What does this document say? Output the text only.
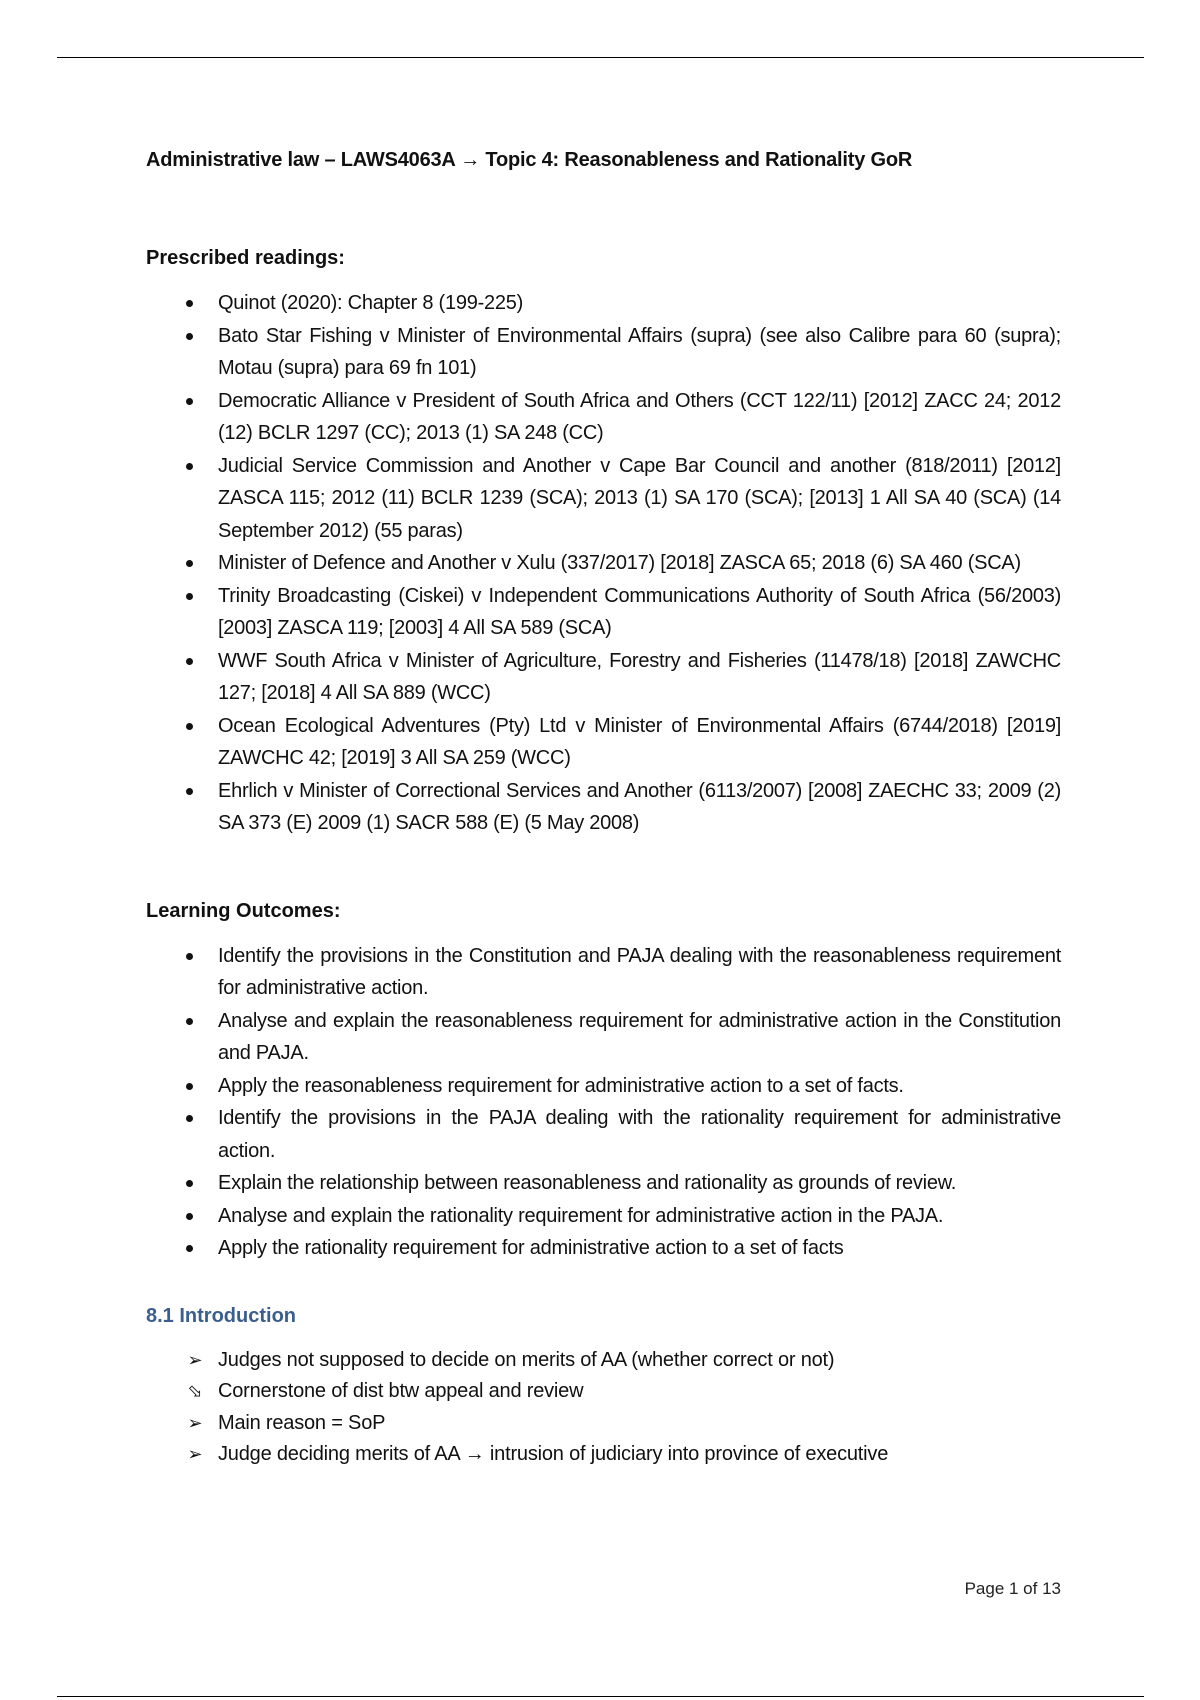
Administrative law – LAWS4063A → Topic 4: Reasonableness and Rationality GoR
Prescribed readings:
Quinot (2020): Chapter 8 (199-225)
Bato Star Fishing v Minister of Environmental Affairs (supra) (see also Calibre para 60 (supra); Motau (supra) para 69 fn 101)
Democratic Alliance v President of South Africa and Others (CCT 122/11) [2012] ZACC 24; 2012 (12) BCLR 1297 (CC); 2013 (1) SA 248 (CC)
Judicial Service Commission and Another v Cape Bar Council and another (818/2011) [2012] ZASCA 115; 2012 (11) BCLR 1239 (SCA); 2013 (1) SA 170 (SCA); [2013] 1 All SA 40 (SCA) (14 September 2012) (55 paras)
Minister of Defence and Another v Xulu (337/2017) [2018] ZASCA 65; 2018 (6) SA 460 (SCA)
Trinity Broadcasting (Ciskei) v Independent Communications Authority of South Africa (56/2003) [2003] ZASCA 119; [2003] 4 All SA 589 (SCA)
WWF South Africa v Minister of Agriculture, Forestry and Fisheries (11478/18) [2018] ZAWCHC 127; [2018] 4 All SA 889 (WCC)
Ocean Ecological Adventures (Pty) Ltd v Minister of Environmental Affairs (6744/2018) [2019] ZAWCHC 42; [2019] 3 All SA 259 (WCC)
Ehrlich v Minister of Correctional Services and Another (6113/2007) [2008] ZAECHC 33; 2009 (2) SA 373 (E) 2009 (1) SACR 588 (E) (5 May 2008)
Learning Outcomes:
Identify the provisions in the Constitution and PAJA dealing with the reasonableness requirement for administrative action.
Analyse and explain the reasonableness requirement for administrative action in the Constitution and PAJA.
Apply the reasonableness requirement for administrative action to a set of facts.
Identify the provisions in the PAJA dealing with the rationality requirement for administrative action.
Explain the relationship between reasonableness and rationality as grounds of review.
Analyse and explain the rationality requirement for administrative action in the PAJA.
Apply the rationality requirement for administrative action to a set of facts
8.1 Introduction
➢ Judges not supposed to decide on merits of AA (whether correct or not)
⬂ Cornerstone of dist btw appeal and review
➢ Main reason = SoP
➢ Judge deciding merits of AA → intrusion of judiciary into province of executive
Page 1 of 13
